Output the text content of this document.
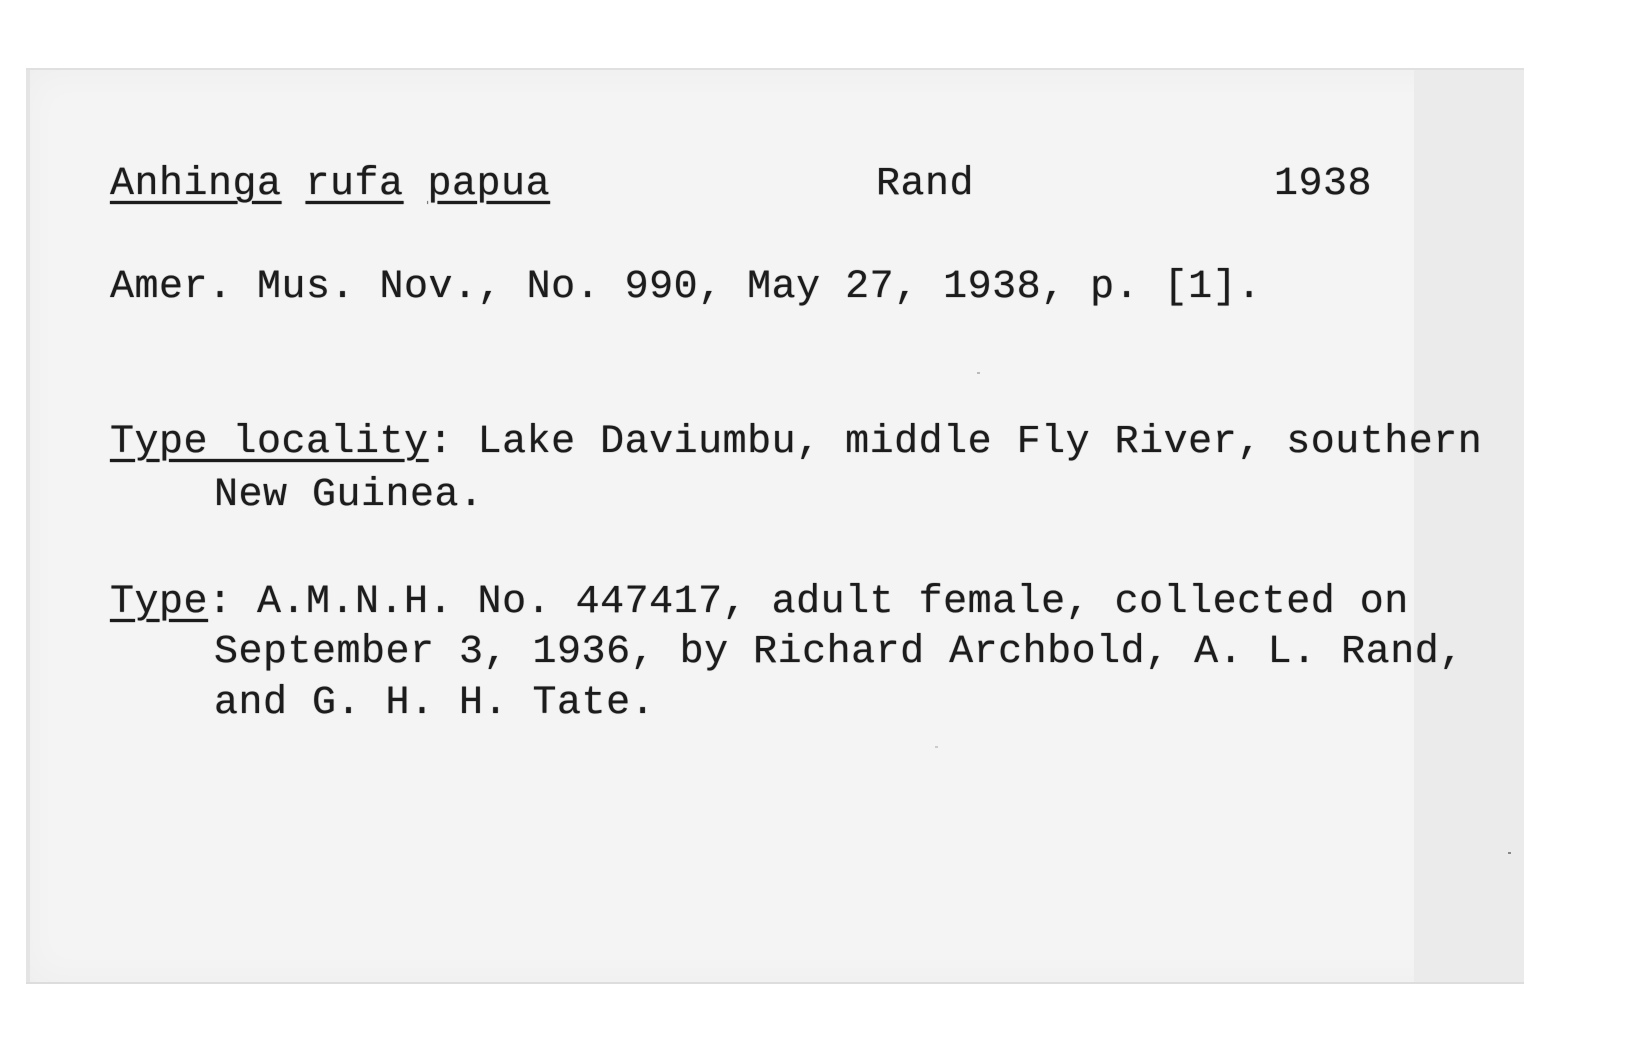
Anhinga rufa papua	Rand	1938
Amer. Mus. Nov., No. 990, May 27, 1938, p. [1].
Type locality: Lake Daviumbu, middle Fly River, southern
New Guinea.
Type: A.M.N.H. No. 447417, adult female, collected on
September 3, 1936, by Richard Archbold, A. L. Rand,
and G. H. H. Tate.
